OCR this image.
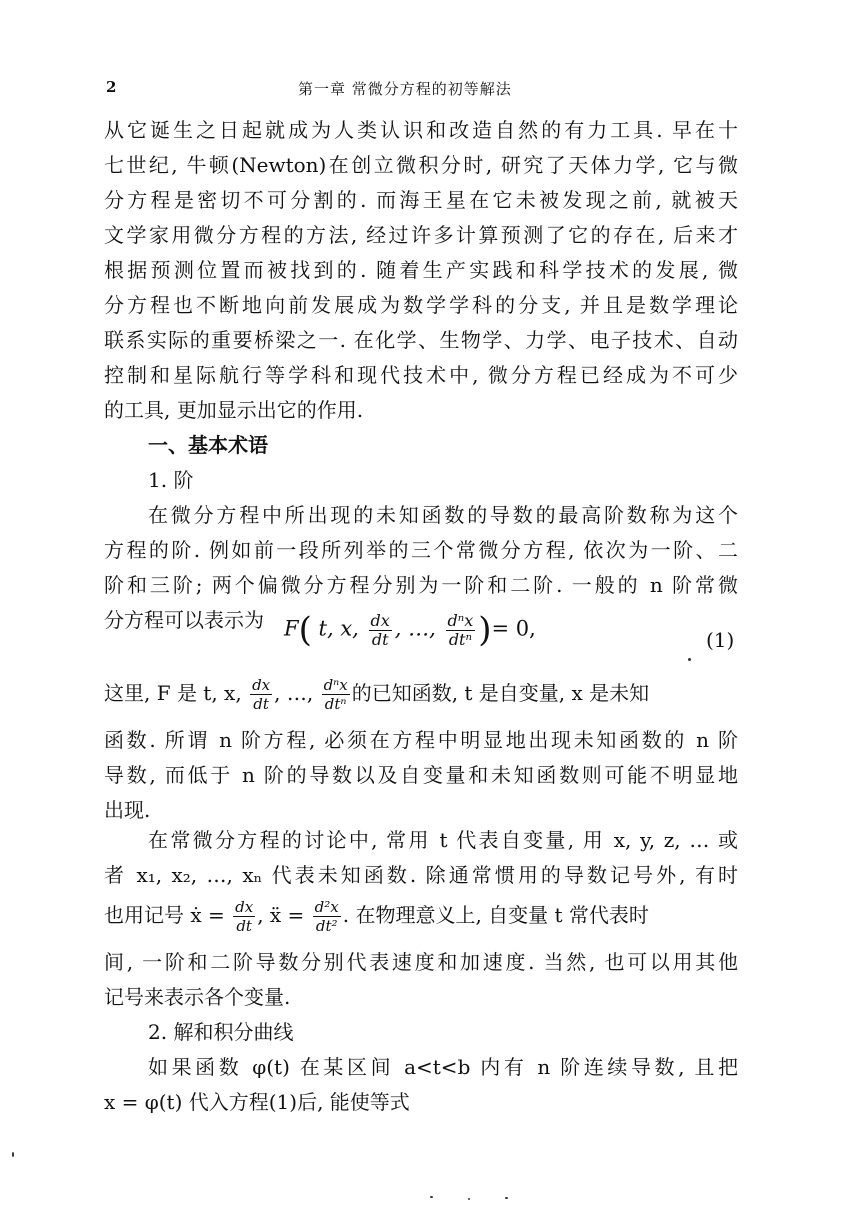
2	第一章 常微分方程的初等解法
从它诞生之日起就成为人类认识和改造自然的有力工具. 早在十
七世纪, 牛顿(Newton)在创立微积分时, 研究了天体力学, 它与微
分方程是密切不可分割的. 而海王星在它未被发现之前, 就被天
文学家用微分方程的方法, 经过许多计算预测了它的存在, 后来才
根据预测位置而被找到的. 随着生产实践和科学技术的发展, 微
分方程也不断地向前发展成为数学学科的分支, 并且是数学理论
联系实际的重要桥梁之一. 在化学、生物学、力学、电子技术、自动
控制和星际航行等学科和现代技术中, 微分方程已经成为不可少
的工具, 更加显示出它的作用.
一、基本术语
1. 阶
在微分方程中所出现的未知函数的导数的最高阶数称为这个
方程的阶. 例如前一段所列举的三个常微分方程, 依次为一阶、二
阶和三阶; 两个偏微分方程分别为一阶和二阶. 一般的 n 阶常微
分方程可以表示为 F( t, x, $\frac{dx}{dt}$ , …, $\frac{\text{dⁿx}}{\text{dtⁿ}}$ )= 0,	(1)
这里, F 是 t, x, $\frac{dx}{dt}$ , …, $\frac{\text{dⁿx}}{\text{dtⁿ}}$ 的已知函数, t 是自变量, x 是未知
函数. 所谓 n 阶方程, 必须在方程中明显地出现未知函数的 n 阶
导数, 而低于 n 阶的导数以及自变量和未知函数则可能不明显地
出现.
在常微分方程的讨论中, 常用 t 代表自变量, 用 x, y, z, … 或
者 x₁, x₂, …, xₙ 代表未知函数. 除通常惯用的导数记号外, 有时
也用记号 ẋ = $\frac{dx}{dt}$ , ẍ = $\frac{\text{d²x}}{\text{dt²}}$ . 在物理意义上, 自变量 t 常代表时
间, 一阶和二阶导数分别代表速度和加速度. 当然, 也可以用其他
记号来表示各个变量.
2. 解和积分曲线
如果函数 φ(t) 在某区间 a<t<b 内有 n 阶连续导数, 且把
x = φ(t) 代入方程(1)后, 能使等式
